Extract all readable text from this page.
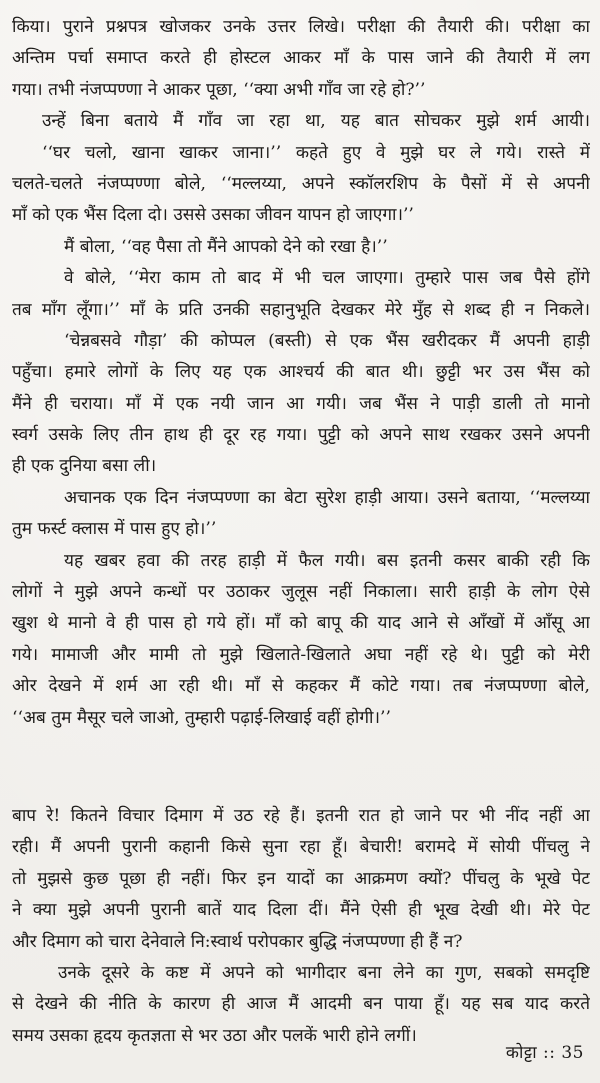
किया। पुराने प्रश्नपत्र खोजकर उनके उत्तर लिखे। परीक्षा की तैयारी की। परीक्षा का
अन्तिम पर्चा समाप्त करते ही होस्टल आकर माँ के पास जाने की तैयारी में लग
गया। तभी नंजप्पण्णा ने आकर पूछा, ‘‘क्या अभी गाँव जा रहे हो?’’
उन्हें बिना बताये मैं गाँव जा रहा था, यह बात सोचकर मुझे शर्म आयी।
‘‘घर चलो, खाना खाकर जाना।’’ कहते हुए वे मुझे घर ले गये। रास्ते में
चलते-चलते नंजप्पण्णा बोले, ‘‘मल्लय्या, अपने स्कॉलरशिप के पैसों में से अपनी
माँ को एक भैंस दिला दो। उससे उसका जीवन यापन हो जाएगा।’’
मैं बोला, ‘‘वह पैसा तो मैंने आपको देने को रखा है।’’
वे बोले, ‘‘मेरा काम तो बाद में भी चल जाएगा। तुम्हारे पास जब पैसे होंगे
तब माँग लूँगा।’’ माँ के प्रति उनकी सहानुभूति देखकर मेरे मुँह से शब्द ही न निकले।
‘चेन्नबसवे गौड़ा’ की कोप्पल (बस्ती) से एक भैंस खरीदकर मैं अपनी हाड़ी
पहुँचा। हमारे लोगों के लिए यह एक आश्चर्य की बात थी। छुट्टी भर उस भैंस को
मैंने ही चराया। माँ में एक नयी जान आ गयी। जब भैंस ने पाड़ी डाली तो मानो
स्वर्ग उसके लिए तीन हाथ ही दूर रह गया। पुट्टी को अपने साथ रखकर उसने अपनी
ही एक दुनिया बसा ली।
अचानक एक दिन नंजप्पण्णा का बेटा सुरेश हाड़ी आया। उसने बताया, ‘‘मल्लय्या
तुम फर्स्ट क्लास में पास हुए हो।’’
यह खबर हवा की तरह हाड़ी में फैल गयी। बस इतनी कसर बाकी रही कि
लोगों ने मुझे अपने कन्धों पर उठाकर जुलूस नहीं निकाला। सारी हाड़ी के लोग ऐसे
खुश थे मानो वे ही पास हो गये हों। माँ को बापू की याद आने से आँखों में आँसू आ
गये। मामाजी और मामी तो मुझे खिलाते-खिलाते अघा नहीं रहे थे। पुट्टी को मेरी
ओर देखने में शर्म आ रही थी। माँ से कहकर मैं कोटे गया। तब नंजप्पण्णा बोले,
‘‘अब तुम मैसूर चले जाओ, तुम्हारी पढ़ाई-लिखाई वहीं होगी।’’
बाप रे! कितने विचार दिमाग में उठ रहे हैं। इतनी रात हो जाने पर भी नींद नहीं आ
रही। मैं अपनी पुरानी कहानी किसे सुना रहा हूँ। बेचारी! बरामदे में सोयी पींचलु ने
तो मुझसे कुछ पूछा ही नहीं। फिर इन यादों का आक्रमण क्यों? पींचलु के भूखे पेट
ने क्या मुझे अपनी पुरानी बातें याद दिला दीं। मैंने ऐसी ही भूख देखी थी। मेरे पेट
और दिमाग को चारा देनेवाले नि:स्वार्थ परोपकार बुद्धि नंजप्पण्णा ही हैं न?
उनके दूसरे के कष्ट में अपने को भागीदार बना लेने का गुण, सबको समदृष्टि
से देखने की नीति के कारण ही आज मैं आदमी बन पाया हूँ। यह सब याद करते
समय उसका हृदय कृतज्ञता से भर उठा और पलकें भारी होने लगीं।
कोट्टा :: 35
